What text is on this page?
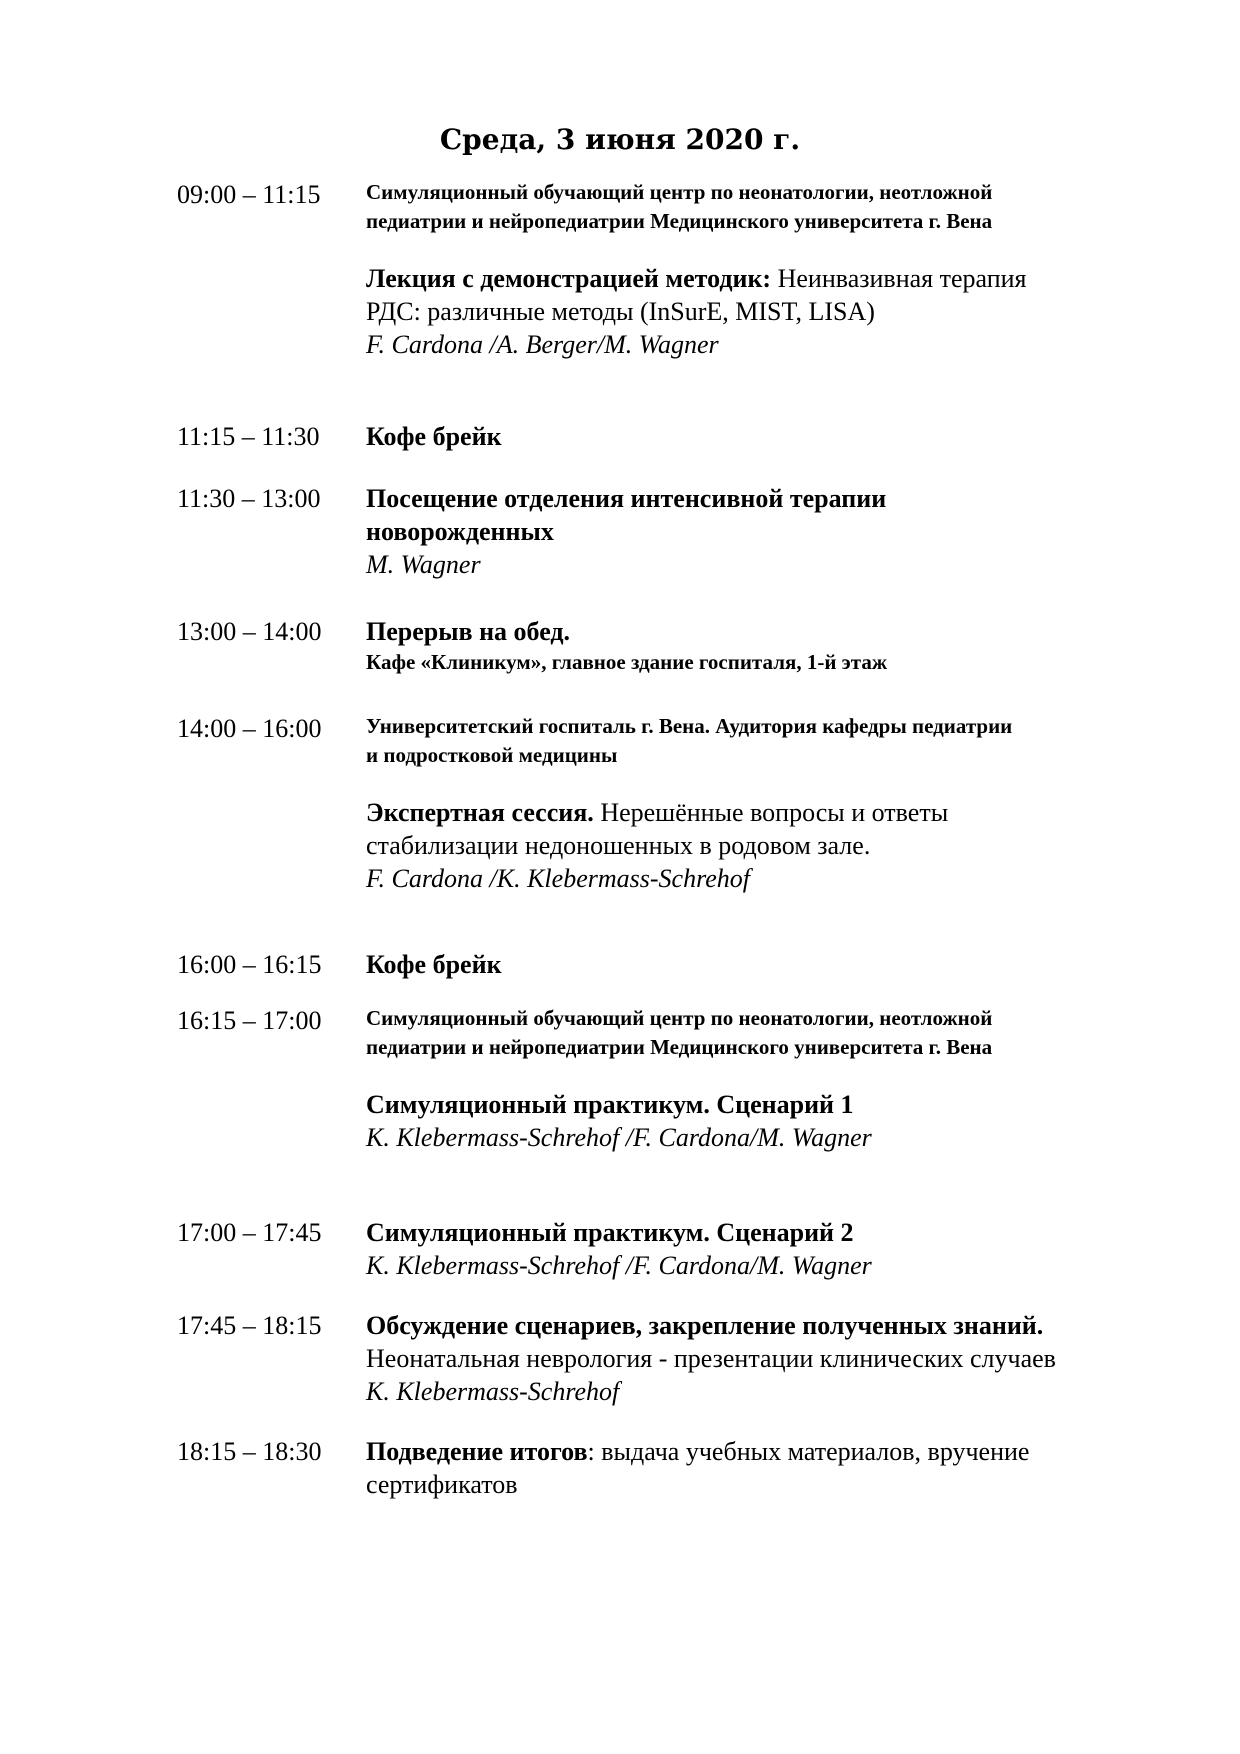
Среда, 3 июня 2020 г.
09:00 – 11:15 Симуляционный обучающий центр по неонатологии, неотложной

педиатрии и нейропедиатрии Медицинского университета г. Вена

Лекция с демонстрацией методик: Неинвазивная терапия

РДС: различные методы (InSurE, MIST, LISA)

F. Cardona /A. Berger/M. Wagner

11:15 – 11:30 Кофе брейк

11:30 – 13:00 Посещение отделения интенсивной терапии

новорожденных

M. Wagner

13:00 – 14:00 Перерыв на обед.

Кафе «Клиникум», главное здание госпиталя, 1-й этаж

14:00 – 16:00 Университетский госпиталь г. Вена. Аудитория кафедры педиатрии

и подростковой медицины

Экспертная сессия. Нерешённые вопросы и ответы

стабилизации недоношенных в родовом зале.

F. Cardona /K. Klebermass-Schrehof

16:00 – 16:15 Кофе брейк

16:15 – 17:00 Симуляционный обучающий центр по неонатологии, неотложной

педиатрии и нейропедиатрии Медицинского университета г. Вена

Симуляционный практикум. Сценарий 1

K. Klebermass-Schrehof /F. Cardona/M. Wagner

17:00 – 17:45 Симуляционный практикум. Сценарий 2

K. Klebermass-Schrehof /F. Cardona/M. Wagner

17:45 – 18:15 Обсуждение сценариев, закрепление полученных знаний.

Неонатальная неврология - презентации клинических случаев

K. Klebermass-Schrehof

18:15 – 18:30 Подведение итогов: выдача учебных материалов, вручение

сертификатов
